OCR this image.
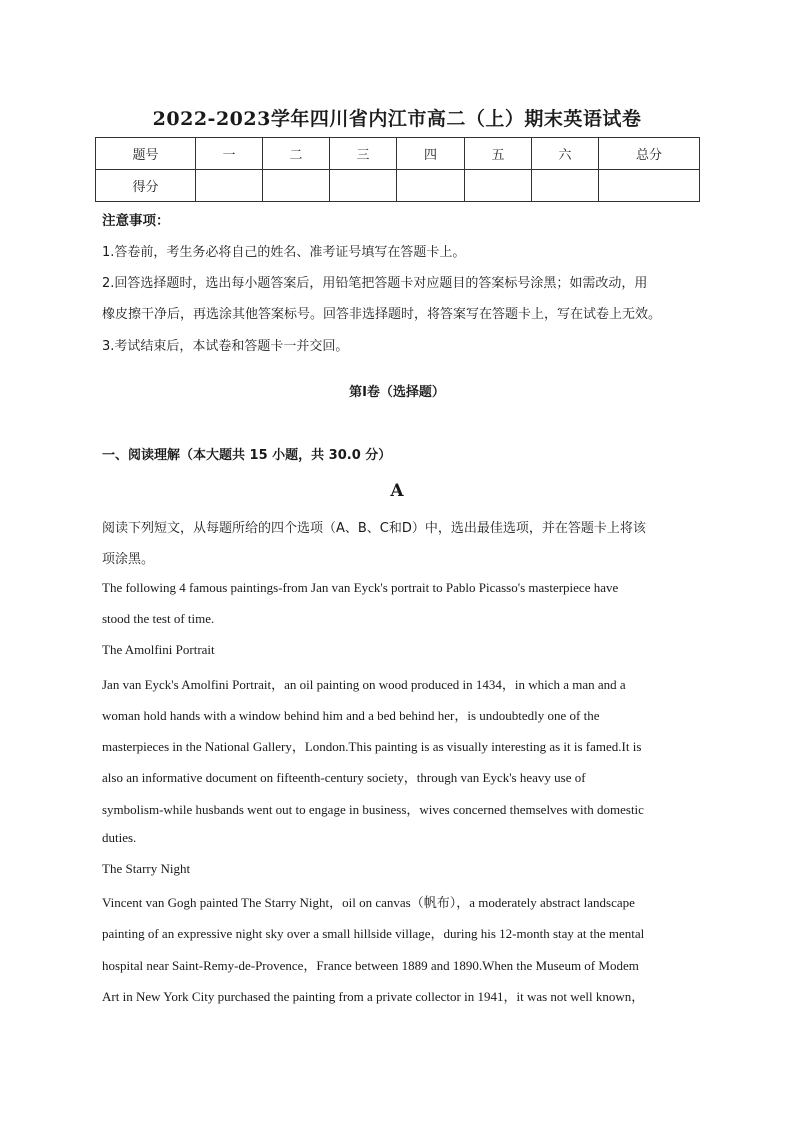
2022-2023学年四川省内江市高二（上）期末英语试卷
题号	一	二	三	四	五	六	总分
得分							
注意事项：
1.答卷前，考生务必将自己的姓名、准考证号填写在答题卡上。
2.回答选择题时，选出每小题答案后，用铅笔把答题卡对应题目的答案标号涂黑；如需改动，用
橡皮擦干净后，再选涂其他答案标号。回答非选择题时，将答案写在答题卡上，写在试卷上无效。
3.考试结束后，本试卷和答题卡一并交回。
第Ⅰ卷（选择题）
一、阅读理解（本大题共 15 小题，共 30.0 分）
A
阅读下列短文，从每题所给的四个选项（A、B、C和D）中，选出最佳选项，并在答题卡上将该
项涂黑。
The following 4 famous paintings-from Jan van Eyck's portrait to Pablo Picasso's masterpiece have
stood the test of time.
The Amolfini Portrait
Jan van Eyck's Amolfini Portrait，an oil painting on wood produced in 1434，in which a man and a
woman hold hands with a window behind him and a bed behind her，is undoubtedly one of the
masterpieces in the National Gallery，London.This painting is as visually interesting as it is famed.It is
also an informative document on fifteenth-century society，through van Eyck's heavy use of
symbolism-while husbands went out to engage in business，wives concerned themselves with domestic
duties.
The Starry Night
Vincent van Gogh painted The Starry Night，oil on canvas（帆布），a moderately abstract landscape
painting of an expressive night sky over a small hillside village，during his 12-month stay at the mental
hospital near Saint-Remy-de-Provence，France between 1889 and 1890.When the Museum of Modem
Art in New York City purchased the painting from a private collector in 1941，it was not well known，
